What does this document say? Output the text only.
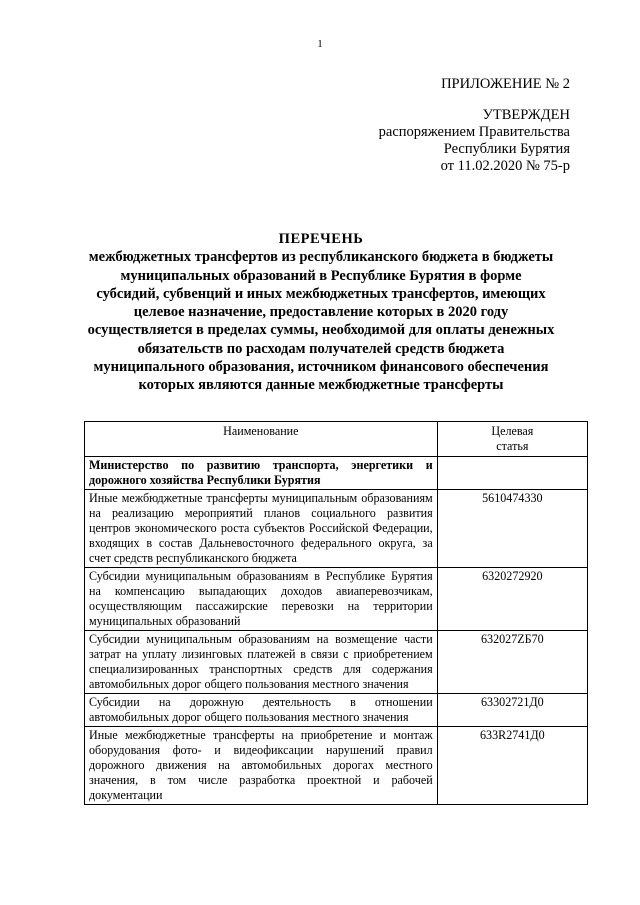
1
ПРИЛОЖЕНИЕ № 2
УТВЕРЖДЕН
распоряжением Правительства
Республики Бурятия
от 11.02.2020 № 75-р
ПЕРЕЧЕНЬ
межбюджетных трансфертов из республиканского бюджета в бюджеты
муниципальных образований в Республике Бурятия в форме
субсидий, субвенций и иных межбюджетных трансфертов, имеющих
целевое назначение, предоставление которых в 2020 году
осуществляется в пределах суммы, необходимой для оплаты денежных
обязательств по расходам получателей средств бюджета
муниципального образования, источником финансового обеспечения
которых являются данные межбюджетные трансферты
Наименование	Целевая
статья

Министерство по развитию транспорта, энергетики и дорожного хозяйства Республики Бурятия	
Иные межбюджетные трансферты муниципальным образованиям на реализацию мероприятий планов социального развития центров экономического роста субъектов Российской Федерации, входящих в состав Дальневосточного федерального округа, за счет средств республиканского бюджета	5610474330
Субсидии муниципальным образованиям в Республике Бурятия на компенсацию выпадающих доходов авиаперевозчикам, осуществляющим пассажирские перевозки на территории муниципальных образований	6320272920
Субсидии муниципальным образованиям на возмещение части затрат на уплату лизинговых платежей в связи с приобретением специализированных транспортных средств для содержания автомобильных дорог общего пользования местного значения	632027ZБ70
Субсидии на дорожную деятельность в отношении автомобильных дорог общего пользования местного значения	63302721Д0
Иные межбюджетные трансферты на приобретение и монтаж оборудования фото- и видеофиксации нарушений правил дорожного движения на автомобильных дорогах местного значения, в том числе разработка проектной и рабочей документации	633R2741Д0
